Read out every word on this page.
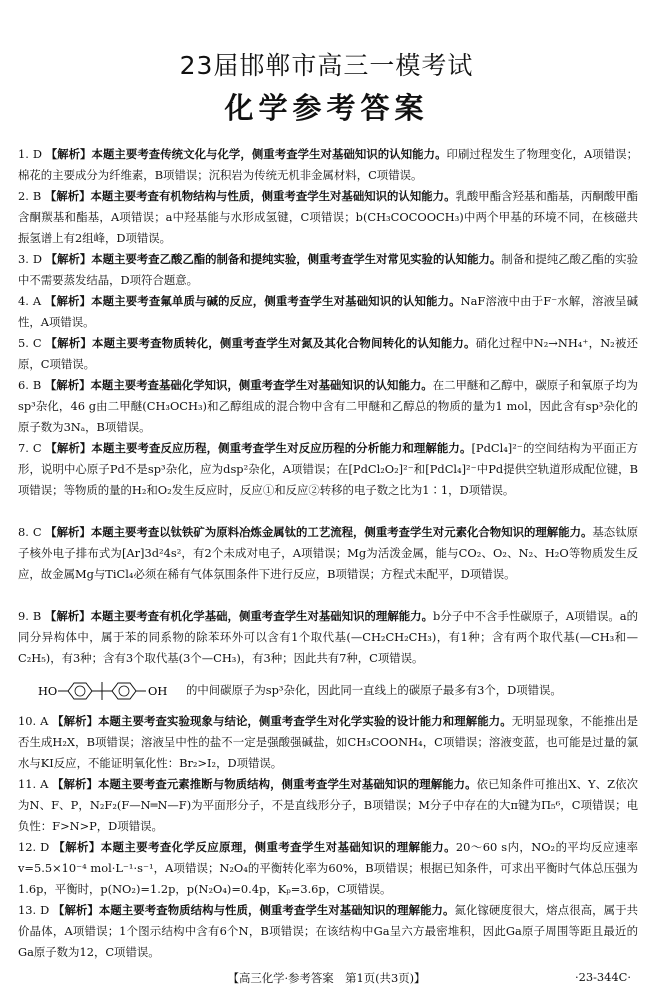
23届邯郸市高三一模考试
化学参考答案
1. D 【解析】本题主要考查传统文化与化学，侧重考查学生对基础知识的认知能力。印刷过程发生了物理变化，A项错误；棉花的主要成分为纤维素，B项错误；沉积岩为传统无机非金属材料，C项错误。
2. B 【解析】本题主要考查有机物结构与性质，侧重考查学生对基础知识的认知能力。乳酸甲酯含羟基和酯基，丙酮酸甲酯含酮羰基和酯基，A项错误；a中羟基能与水形成氢键，C项错误；b(CH₃COCOOCH₃)中两个甲基的环境不同，在核磁共振氢谱上有2组峰，D项错误。
3. D 【解析】本题主要考查乙酸乙酯的制备和提纯实验，侧重考查学生对常见实验的认知能力。制备和提纯乙酸乙酯的实验中不需要蒸发结晶，D项符合题意。
4. A 【解析】本题主要考查氟单质与碱的反应，侧重考查学生对基础知识的认知能力。NaF溶液中由于F⁻水解，溶液呈碱性，A项错误。
5. C 【解析】本题主要考查物质转化，侧重考查学生对氮及其化合物间转化的认知能力。硝化过程中N₂→NH₄⁺，N₂被还原，C项错误。
6. B 【解析】本题主要考查基础化学知识，侧重考查学生对基础知识的认知能力。在二甲醚和乙醇中，碳原子和氧原子均为sp³杂化，46 g由二甲醚(CH₃OCH₃)和乙醇组成的混合物中含有二甲醚和乙醇总的物质的量为1 mol，因此含有sp³杂化的原子数为3Nₐ，B项错误。
7. C 【解析】本题主要考查反应历程，侧重考查学生对反应历程的分析能力和理解能力。[PdCl₄]²⁻的空间结构为平面正方形，说明中心原子Pd不是sp³杂化，应为dsp²杂化，A项错误；在[PdCl₂O₂]²⁻和[PdCl₄]²⁻中Pd提供空轨道形成配位键，B项错误；等物质的量的H₂和O₂发生反应时，反应①和反应②转移的电子数之比为1∶1，D项错误。
8. C 【解析】本题主要考查以钛铁矿为原料冶炼金属钛的工艺流程，侧重考查学生对元素化合物知识的理解能力。基态钛原子核外电子排布式为[Ar]3d²4s²，有2个未成对电子，A项错误；Mg为活泼金属，能与CO₂、O₂、N₂、H₂O等物质发生反应，故金属Mg与TiCl₄必须在稀有气体氛围条件下进行反应，B项错误；方程式未配平，D项错误。
9. B 【解析】本题主要考查有机化学基础，侧重考查学生对基础知识的理解能力。b分子中不含手性碳原子，A项错误。a的同分异构体中，属于苯的同系物的除苯环外可以含有1个取代基(—CH₂CH₂CH₃)，有1种；含有两个取代基(—CH₃和—C₂H₅)，有3种；含有3个取代基(3个—CH₃)，有3种；因此共有7种，C项错误。
HO	OH 的中间碳原子为sp³杂化，因此同一直线上的碳原子最多有3个，D项错误。
10. A 【解析】本题主要考查实验现象与结论，侧重考查学生对化学实验的设计能力和理解能力。无明显现象，不能推出是否生成H₂X，B项错误；溶液呈中性的盐不一定是强酸强碱盐，如CH₃COONH₄，C项错误；溶液变蓝，也可能是过量的氯水与KI反应，不能证明氧化性：Br₂>I₂，D项错误。
11. A 【解析】本题主要考查元素推断与物质结构，侧重考查学生对基础知识的理解能力。依已知条件可推出X、Y、Z依次为N、F、P，N₂F₂(F—N═N—F)为平面形分子，不是直线形分子，B项错误；M分子中存在的大π键为Π₅⁶，C项错误；电负性：F>N>P，D项错误。
12. D 【解析】本题主要考查化学反应原理，侧重考查学生对基础知识的理解能力。20～60 s内，NO₂的平均反应速率v=5.5×10⁻⁴ mol·L⁻¹·s⁻¹，A项错误；N₂O₄的平衡转化率为60%，B项错误；根据已知条件，可求出平衡时气体总压强为1.6p，平衡时，p(NO₂)=1.2p，p(N₂O₄)=0.4p，Kₚ=3.6p，C项错误。
13. D 【解析】本题主要考查物质结构与性质，侧重考查学生对基础知识的理解能力。氮化镓硬度很大，熔点很高，属于共价晶体，A项错误；1个图示结构中含有6个N，B项错误；在该结构中Ga呈六方最密堆积，因此Ga原子周围等距且最近的Ga原子数为12，C项错误。
【高三化学·参考答案　第1页(共3页)】	·23-344C·
